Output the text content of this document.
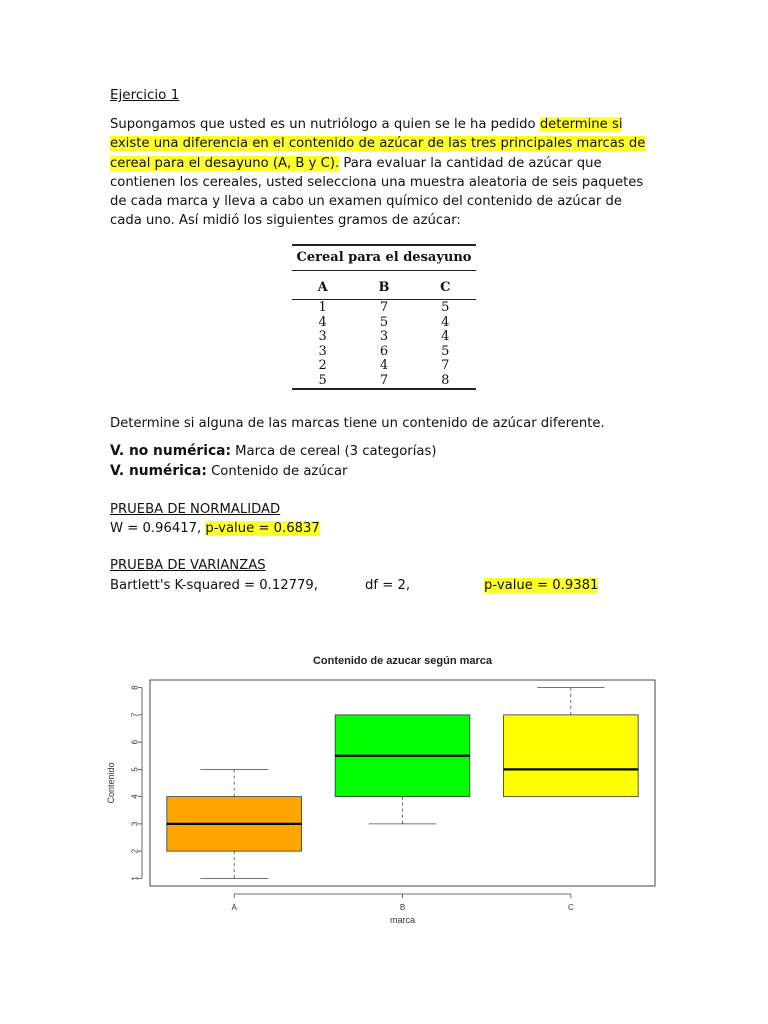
Ejercicio 1

Supongamos que usted es un nutriólogo a quien se le ha pedido determine si existe una diferencia en el contenido de azúcar de las tres principales marcas de cereal para el desayuno (A, B y C). Para evaluar la cantidad de azúcar que contienen los cereales, usted selecciona una muestra aleatoria de seis paquetes de cada marca y lleva a cabo un examen químico del contenido de azúcar de cada uno. Así midió los siguientes gramos de azúcar:

Cereal para el desayuno
A	B	C
1	7	5
4	5	4
3	3	4
3	6	5
2	4	7
5	7	8

Determine si alguna de las marcas tiene un contenido de azúcar diferente.

V. no numérica: Marca de cereal (3 categorías)

V. numérica: Contenido de azúcar

PRUEBA DE NORMALIDAD

W = 0.96417, p-value = 0.6837

PRUEBA DE VARIANZAS

Bartlett's K-squared = 0.12779,	df = 2,	p-value = 0.9381

Contenido de azucar según marca
1
2
3
4
5
6
7
8
Contenido
A	B	C
marca
